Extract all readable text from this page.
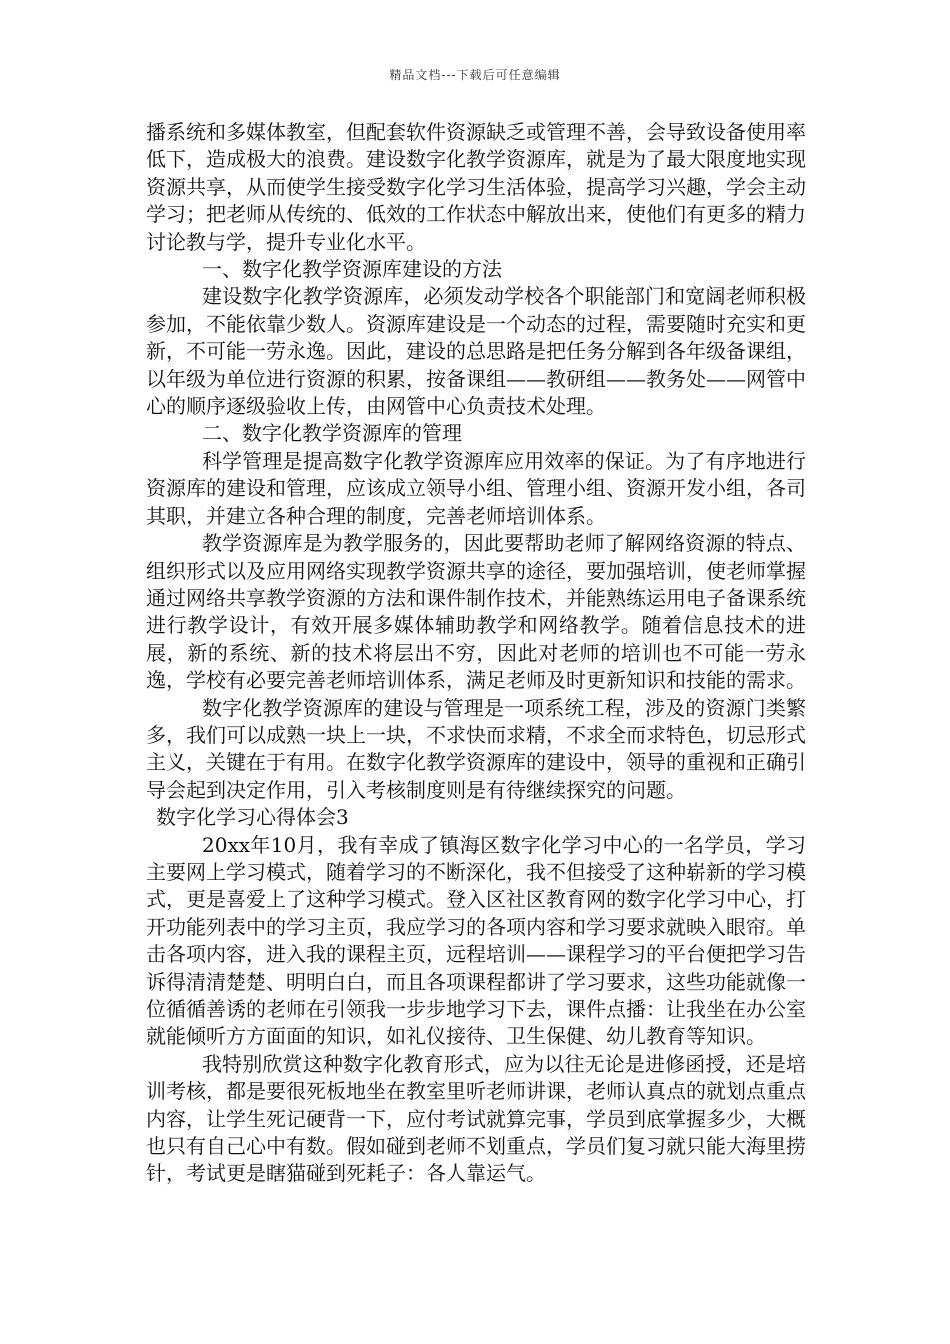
精品文档---下载后可任意编辑

播系统和多媒体教室，但配套软件资源缺乏或管理不善，会导致设备使用率低下，造成极大的浪费。建设数字化教学资源库，就是为了最大限度地实现资源共享，从而使学生接受数字化学习生活体验，提高学习兴趣，学会主动学习；把老师从传统的、低效的工作状态中解放出来，使他们有更多的精力讨论教与学，提升专业化水平。

一、数字化教学资源库建设的方法

建设数字化教学资源库，必须发动学校各个职能部门和宽阔老师积极参加，不能依靠少数人。资源库建设是一个动态的过程，需要随时充实和更新，不可能一劳永逸。因此，建设的总思路是把任务分解到各年级备课组，以年级为单位进行资源的积累，按备课组——教研组——教务处——网管中心的顺序逐级验收上传，由网管中心负责技术处理。

二、数字化教学资源库的管理

科学管理是提高数字化教学资源库应用效率的保证。为了有序地进行资源库的建设和管理，应该成立领导小组、管理小组、资源开发小组，各司其职，并建立各种合理的制度，完善老师培训体系。

教学资源库是为教学服务的，因此要帮助老师了解网络资源的特点、组织形式以及应用网络实现教学资源共享的途径，要加强培训，使老师掌握通过网络共享教学资源的方法和课件制作技术，并能熟练运用电子备课系统进行教学设计，有效开展多媒体辅助教学和网络教学。随着信息技术的进展，新的系统、新的技术将层出不穷，因此对老师的培训也不可能一劳永逸，学校有必要完善老师培训体系，满足老师及时更新知识和技能的需求。

数字化教学资源库的建设与管理是一项系统工程，涉及的资源门类繁多，我们可以成熟一块上一块，不求快而求精，不求全而求特色，切忌形式主义，关键在于有用。在数字化教学资源库的建设中，领导的重视和正确引导会起到决定作用，引入考核制度则是有待继续探究的问题。

数字化学习心得体会3

20xx年10月，我有幸成了镇海区数字化学习中心的一名学员，学习主要网上学习模式，随着学习的不断深化，我不但接受了这种崭新的学习模式，更是喜爱上了这种学习模式。登入区社区教育网的数字化学习中心，打开功能列表中的学习主页，我应学习的各项内容和学习要求就映入眼帘。单击各项内容，进入我的课程主页，远程培训——课程学习的平台便把学习告诉得清清楚楚、明明白白，而且各项课程都讲了学习要求，这些功能就像一位循循善诱的老师在引领我一步步地学习下去，课件点播：让我坐在办公室就能倾听方方面面的知识，如礼仪接待、卫生保健、幼儿教育等知识。

我特别欣赏这种数字化教育形式，应为以往无论是进修函授，还是培训考核，都是要很死板地坐在教室里听老师讲课，老师认真点的就划点重点内容，让学生死记硬背一下，应付考试就算完事，学员到底掌握多少，大概也只有自己心中有数。假如碰到老师不划重点，学员们复习就只能大海里捞针，考试更是瞎猫碰到死耗子：各人靠运气。
